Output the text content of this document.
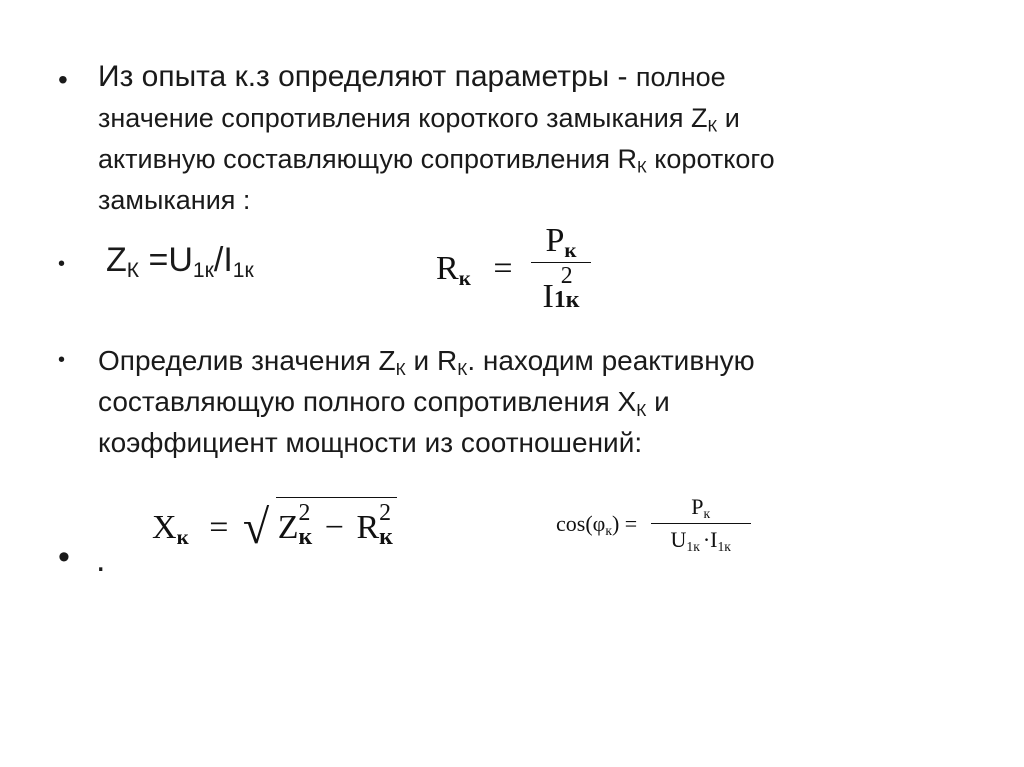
• Из опыта к.з определяют параметры - полное
значение сопротивления короткого замыкания $Z_К$ и
активную составляющую сопротивления $R_К$ короткого
замыкания :
• $Z_К =U_{1к}/I_{1к}$	$R_к = P_к$
I
2
1к
• Определив значения $Z_К$ и $R_К$. находим реактивную
составляющую полного сопротивления $X_К$ и
коэффициент мощности из соотношений:
• .
$X_к$ = √ Z 2
к − R 2
к
$\cos(\varphi_к) = \frac{P_к}{U_{1к} \cdot I_{1к}}$
